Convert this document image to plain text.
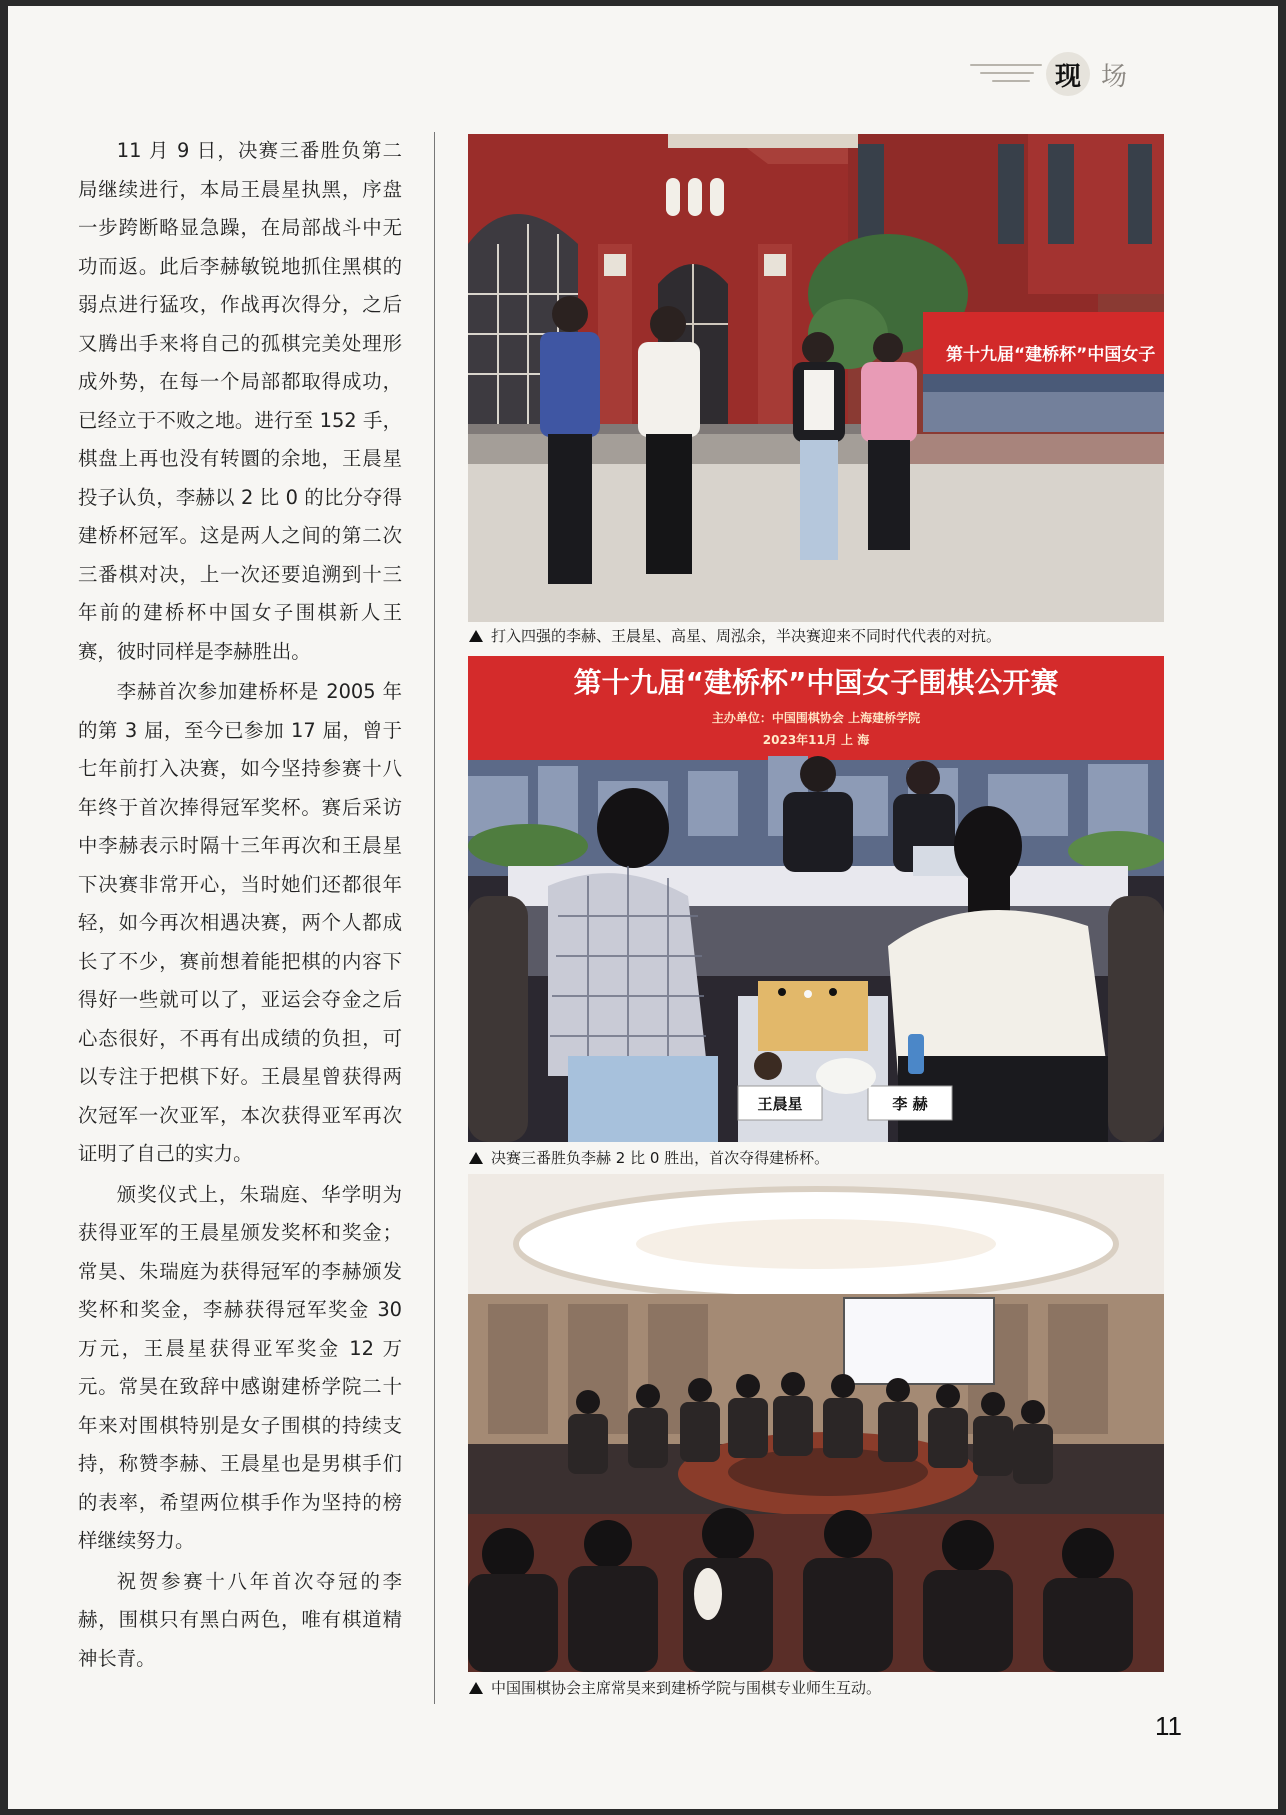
现 场

11 月 9 日，决赛三番胜负第二局继续进行，本局王晨星执黑，序盘一步跨断略显急躁，在局部战斗中无功而返。此后李赫敏锐地抓住黑棋的弱点进行猛攻，作战再次得分，之后又腾出手来将自己的孤棋完美处理形成外势，在每一个局部都取得成功，已经立于不败之地。进行至 152 手，棋盘上再也没有转圜的余地，王晨星投子认负，李赫以 2 比 0 的比分夺得建桥杯冠军。这是两人之间的第二次三番棋对决，上一次还要追溯到十三年前的建桥杯中国女子围棋新人王赛，彼时同样是李赫胜出。

李赫首次参加建桥杯是 2005 年的第 3 届，至今已参加 17 届，曾于七年前打入决赛，如今坚持参赛十八年终于首次捧得冠军奖杯。赛后采访中李赫表示时隔十三年再次和王晨星下决赛非常开心，当时她们还都很年轻，如今再次相遇决赛，两个人都成长了不少，赛前想着能把棋的内容下得好一些就可以了，亚运会夺金之后心态很好，不再有出成绩的负担，可以专注于把棋下好。王晨星曾获得两次冠军一次亚军，本次获得亚军再次证明了自己的实力。

颁奖仪式上，朱瑞庭、华学明为获得亚军的王晨星颁发奖杯和奖金；常昊、朱瑞庭为获得冠军的李赫颁发奖杯和奖金，李赫获得冠军奖金 30 万元，王晨星获得亚军奖金 12 万元。常昊在致辞中感谢建桥学院二十年来对围棋特别是女子围棋的持续支持，称赞李赫、王晨星也是男棋手们的表率，希望两位棋手作为坚持的榜样继续努力。

祝贺参赛十八年首次夺冠的李赫，围棋只有黑白两色，唯有棋道精神长青。

第十九届“建桥杯”中国女子
打入四强的李赫、王晨星、高星、周泓余，半决赛迎来不同时代代表的对抗。
第十九届“建桥杯”中国女子围棋公开赛
主办单位：中国围棋协会 上海建桥学院
2023年11月 上 海
王晨星	李 赫
决赛三番胜负李赫 2 比 0 胜出，首次夺得建桥杯。
中国围棋协会主席常昊来到建桥学院与围棋专业师生互动。
11
